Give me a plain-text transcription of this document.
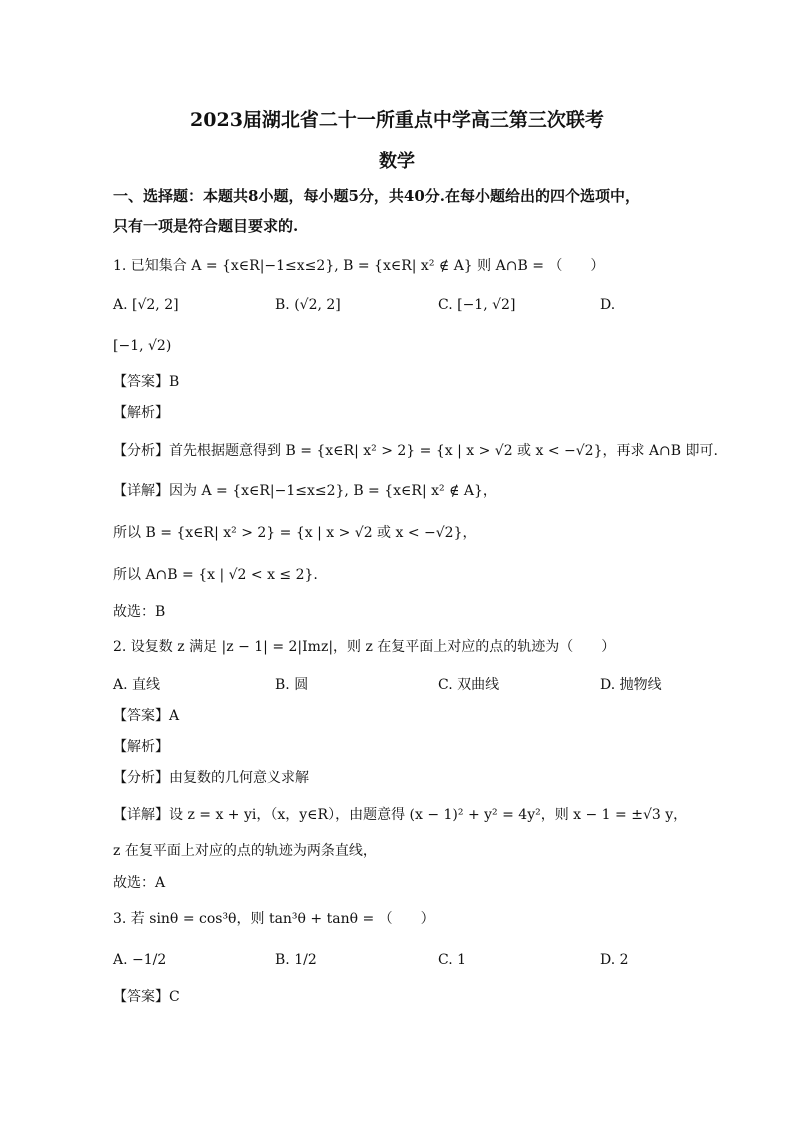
2023届湖北省二十一所重点中学高三第三次联考
数学
一、选择题：本题共8小题，每小题5分，共40分.在每小题给出的四个选项中，
只有一项是符合题目要求的.
1. 已知集合 A = {x∈R|−1≤x≤2}, B = {x∈R| x² ∉ A} 则 A∩B = （　　）
A. [√2, 2]	B. (√2, 2]	C. [−1, √2]	D.
[−1, √2)
【答案】B
【解析】
【分析】首先根据题意得到 B = {x∈R| x² > 2} = {x | x > √2 或 x < −√2}，再求 A∩B 即可.
【详解】因为 A = {x∈R|−1≤x≤2}, B = {x∈R| x² ∉ A}，
所以 B = {x∈R| x² > 2} = {x | x > √2 或 x < −√2}，
所以 A∩B = {x | √2 < x ≤ 2}.
故选：B
2. 设复数 z 满足 |z − 1| = 2|Imz|，则 z 在复平面上对应的点的轨迹为（　　）
A. 直线	B. 圆	C. 双曲线	D. 抛物线
【答案】A
【解析】
【分析】由复数的几何意义求解
【详解】设 z = x + yi，（x，y∈R），由题意得 (x − 1)² + y² = 4y²，则 x − 1 = ±√3 y，
z 在复平面上对应的点的轨迹为两条直线，
故选：A
3. 若 sinθ = cos³θ，则 tan³θ + tanθ = （　　）
A. −1/2	B. 1/2	C. 1	D. 2
【答案】C
